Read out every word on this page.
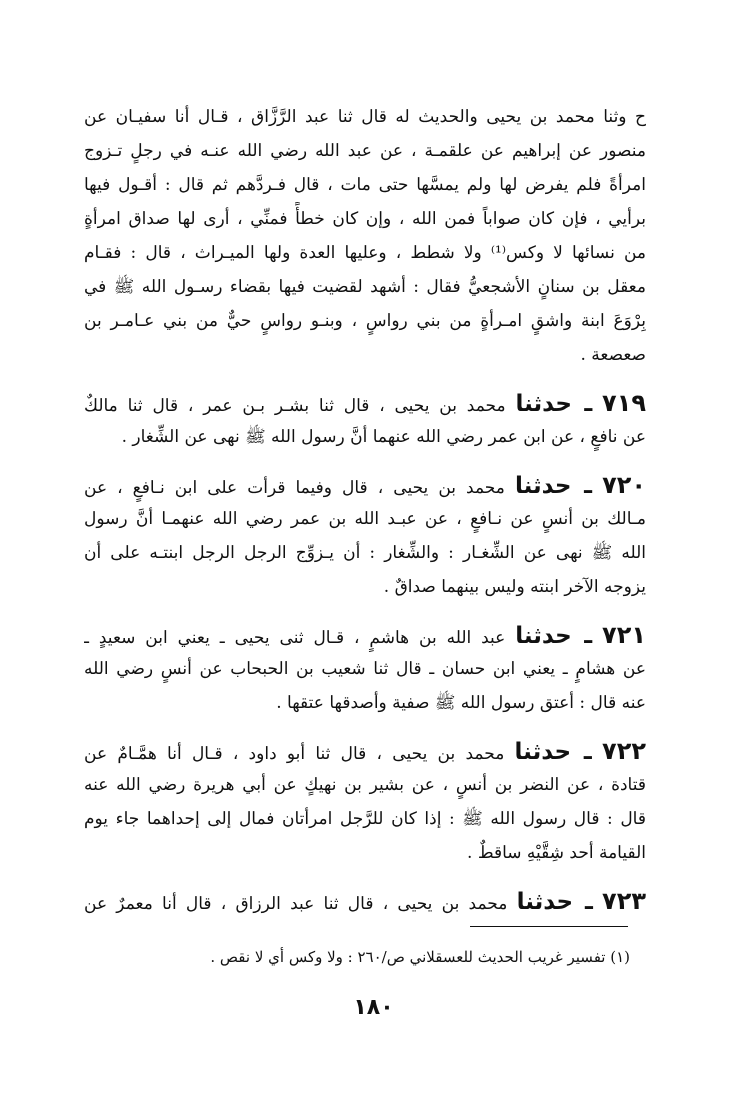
ح وثنا محمد بن يحيى والحديث له قال ثنا عبد الرَّزَّاق ، قـال أنا سفيـان عن
منصور عن إبراهيم عن علقمـة ، عن عبد الله رضي الله عنـه في رجلٍ تـزوج
امرأةً فلم يفرض لها ولم يمسَّها حتى مات ، قال فـردَّهم ثم قال : أقـول فيها
برأيي ، فإن كان صواباً فمن الله ، وإن كان خطأً فمنِّي ، أرى لها صداق امرأةٍ
من نسائها لا وكس⁽¹⁾ ولا شطط ، وعليها العدة ولها الميـراث ، قال : فقـام
معقل بن سنانٍ الأشجعيُّ فقال : أشهد لقضيت فيها بقضاء رسـول الله ﷺ في
بِرْوَعَ ابنة واشقٍ امـرأةٍ من بني رواسٍ ، وبنـو رواسٍ حيٌّ من بني عـامـر بن
صعصعة .
٧١٩ ـ حدثنا محمد بن يحيى ، قال ثنا بشـر بـن عمر ، قال ثنا مالكٌ
عن نافعٍ ، عن ابن عمر رضي الله عنهما أنَّ رسول الله ﷺ نهى عن الشِّغار .
٧٢٠ ـ حدثنا محمد بن يحيى ، قال وفيما قرأت على ابن نـافعٍ ، عن
مـالك بن أنسٍ عن نـافعٍ ، عن عبـد الله بن عمر رضي الله عنهمـا أنَّ رسول
الله ﷺ نهى عن الشِّغـار : والشِّغار : أن يـزوِّج الرجل الرجل ابنتـه على أن
يزوجه الآخر ابنته وليس بينهما صداقٌ .
٧٢١ ـ حدثنا عبد الله بن هاشمٍ ، قـال ثنى يحيى ـ يعني ابن سعيدٍ ـ
عن هشامٍ ـ يعني ابن حسان ـ قال ثنا شعيب بن الحبحاب عن أنسٍ رضي الله
عنه قال : أعتق رسول الله ﷺ صفية وأصدقها عتقها .
٧٢٢ ـ حدثنا محمد بن يحيى ، قال ثنا أبو داود ، قـال أنا همَّـامٌ عن
قتادة ، عن النضر بن أنسٍ ، عن بشير بن نهيكٍ عن أبي هريرة رضي الله عنه
قال : قال رسول الله ﷺ : إذا كان للرَّجل امرأتان فمال إلى إحداهما جاء يوم
القيامة أحد شِقَّيْهِ ساقطٌ .
٧٢٣ ـ حدثنا محمد بن يحيى ، قال ثنا عبد الرزاق ، قال أنا معمرٌ عن
(١) تفسير غريب الحديث للعسقلاني ص/٢٦٠ : ولا وكس أي لا نقص .
١٨٠
